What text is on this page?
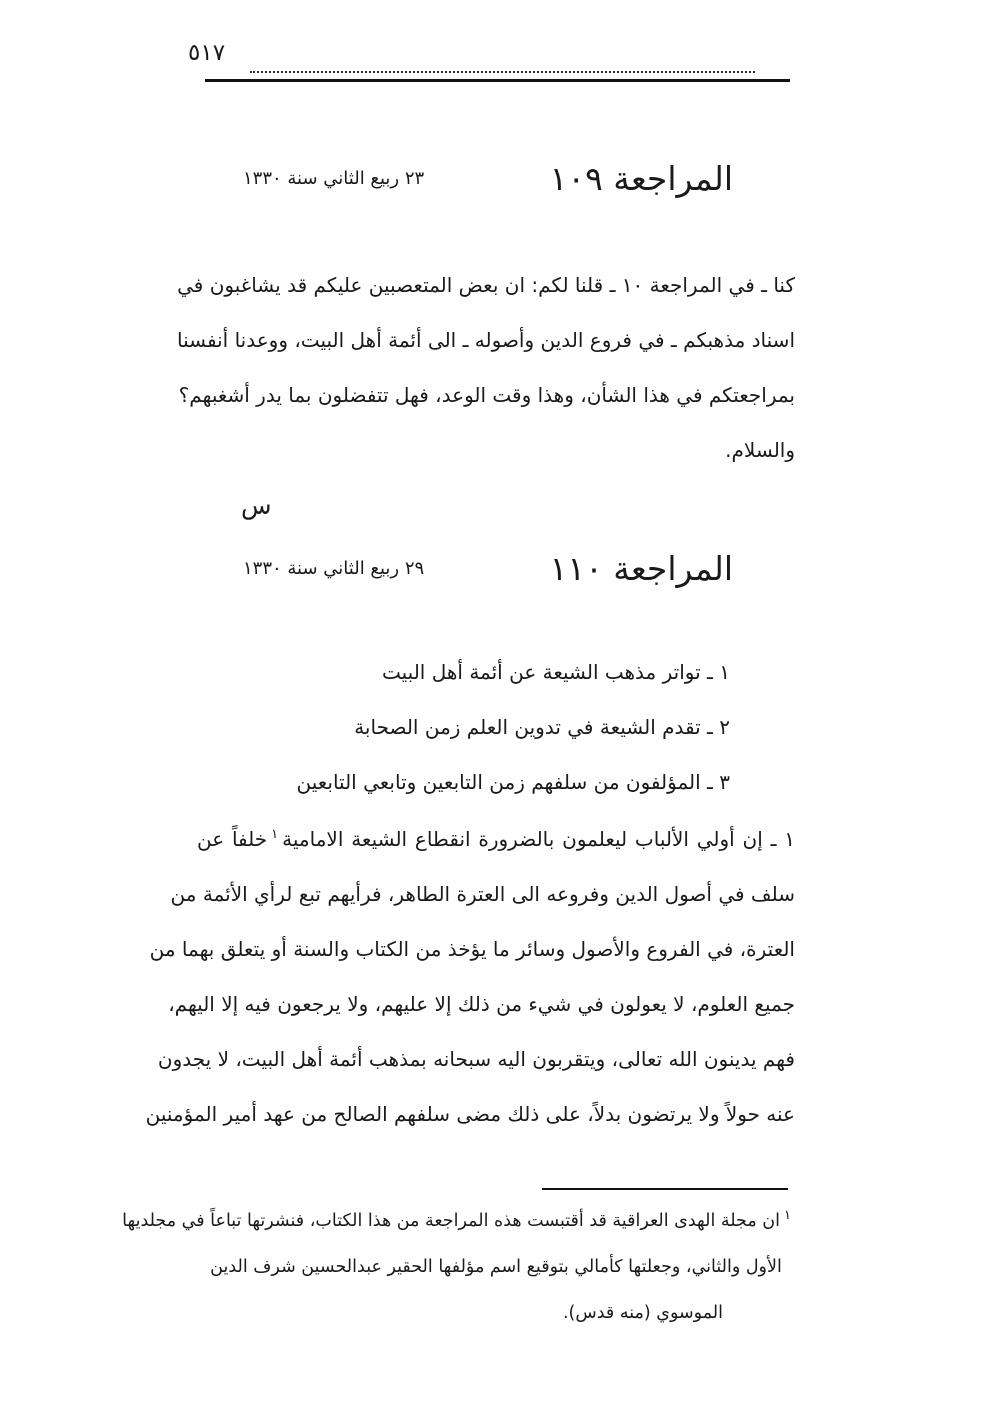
٥١٧
المراجعة ١٠٩
٢٣ ربيع الثاني سنة ١٣٣٠
كنا ـ في المراجعة ١٠ ـ قلنا لكم: ان بعض المتعصبين عليكم قد يشاغبون في
اسناد مذهبكم ـ في فروع الدين وأصوله ـ الى أئمة أهل البيت، ووعدنا أنفسنا
بمراجعتكم في هذا الشأن، وهذا وقت الوعد، فهل تتفضلون بما يدر أشغبهم؟
والسلام.
س
المراجعة ١١٠
٢٩ ربيع الثاني سنة ١٣٣٠
١ ـ تواتر مذهب الشيعة عن أئمة أهل البيت
٢ ـ تقدم الشيعة في تدوين العلم زمن الصحابة
٣ ـ المؤلفون من سلفهم زمن التابعين وتابعي التابعين
١ ـ إن أولي الألباب ليعلمون بالضرورة انقطاع الشيعة الامامية$^١$خلفاً عن
سلف في أصول الدين وفروعه الى العترة الطاهر، فرأيهم تبع لرأي الأئمة من
العترة، في الفروع والأصول وسائر ما يؤخذ من الكتاب والسنة أو يتعلق بهما من
جميع العلوم، لا يعولون في شيء من ذلك إلا عليهم، ولا يرجعون فيه إلا اليهم،
فهم يدينون الله تعالى، ويتقربون اليه سبحانه بمذهب أئمة أهل البيت، لا يجدون
عنه حولاً ولا يرتضون بدلاً، على ذلك مضى سلفهم الصالح من عهد أمير المؤمنين
$^١$ان مجلة الهدى العراقية قد أقتبست هذه المراجعة من هذا الكتاب، فنشرتها تباعاً في مجلديها
الأول والثاني، وجعلتها كأمالي بتوقيع اسم مؤلفها الحقير عبدالحسين شرف الدين
الموسوي (منه قدس).
